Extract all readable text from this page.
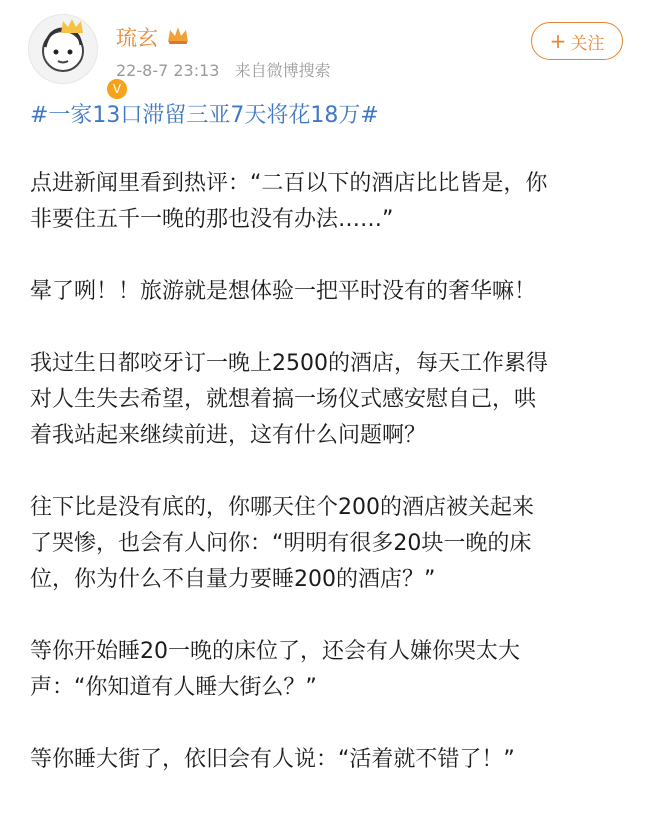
V
琉玄
22-8-7 23:13 来自微博搜索
+ 关注
#一家13口滞留三亚7天将花18万#

点进新闻里看到热评：“二百以下的酒店比比皆是，你
非要住五千一晚的那也没有办法……”

晕了咧！！旅游就是想体验一把平时没有的奢华嘛！

我过生日都咬牙订一晚上2500的酒店，每天工作累得
对人生失去希望，就想着搞一场仪式感安慰自己，哄
着我站起来继续前进，这有什么问题啊？

往下比是没有底的，你哪天住个200的酒店被关起来
了哭惨，也会有人问你：“明明有很多20块一晚的床
位，你为什么不自量力要睡200的酒店？”

等你开始睡20一晚的床位了，还会有人嫌你哭太大
声：“你知道有人睡大街么？”

等你睡大街了，依旧会有人说：“活着就不错了！”
